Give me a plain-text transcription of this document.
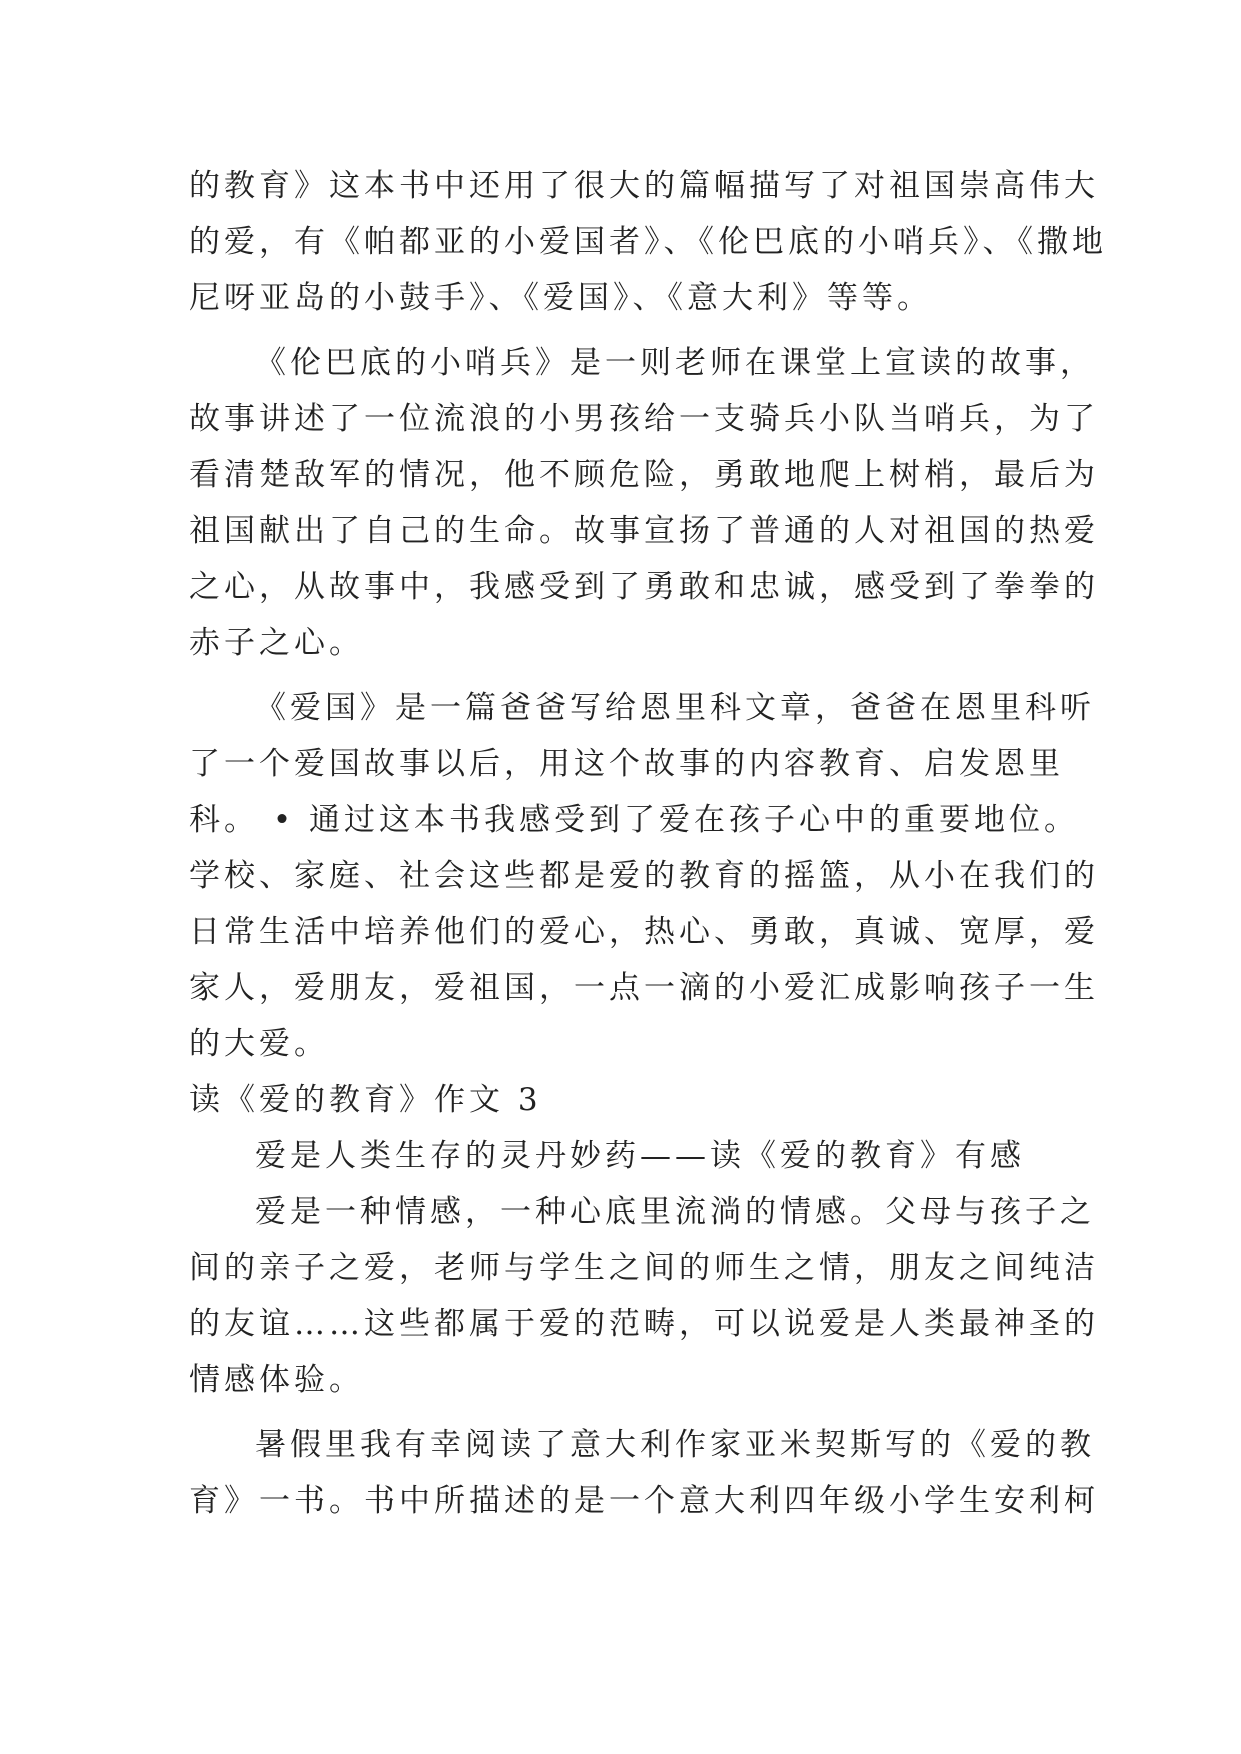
的教育》这本书中还用了很大的篇幅描写了对祖国崇高伟大
的爱，有《帕都亚的小爱国者》、《伦巴底的小哨兵》、《撒地
尼呀亚岛的小鼓手》、《爱国》、《意大利》等等。
《伦巴底的小哨兵》是一则老师在课堂上宣读的故事，
故事讲述了一位流浪的小男孩给一支骑兵小队当哨兵，为了
看清楚敌军的情况，他不顾危险，勇敢地爬上树梢，最后为
祖国献出了自己的生命。故事宣扬了普通的人对祖国的热爱
之心，从故事中，我感受到了勇敢和忠诚，感受到了拳拳的
赤子之心。
《爱国》是一篇爸爸写给恩里科文章，爸爸在恩里科听
了一个爱国故事以后，用这个故事的内容教育、启发恩里
科。 • 通过这本书我感受到了爱在孩子心中的重要地位。
学校、家庭、社会这些都是爱的教育的摇篮，从小在我们的
日常生活中培养他们的爱心，热心、勇敢，真诚、宽厚，爱
家人，爱朋友，爱祖国，一点一滴的小爱汇成影响孩子一生
的大爱。
读《爱的教育》作文 3
爱是人类生存的灵丹妙药——读《爱的教育》有感
爱是一种情感，一种心底里流淌的情感。父母与孩子之
间的亲子之爱，老师与学生之间的师生之情，朋友之间纯洁
的友谊……这些都属于爱的范畴，可以说爱是人类最神圣的
情感体验。
暑假里我有幸阅读了意大利作家亚米契斯写的《爱的教
育》一书。书中所描述的是一个意大利四年级小学生安利柯
